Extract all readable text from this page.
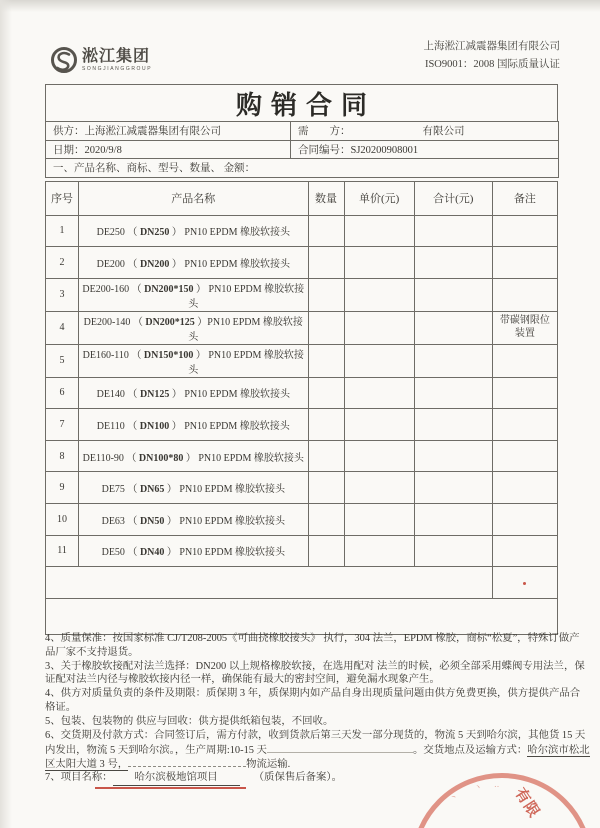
淞江集团
SONGJIANGGROUP
上海淞江减震器集团有限公司
ISO9001：2008 国际质量认证
购销合同
供方：上海淞江减震器集团有限公司	需　　方： 有限公司
日期：2020/9/8	合同编号：SJ20200908001
一、产品名称、商标、型号、数量、 金额：	
序号	产品名称	数量	单价(元)	合计(元)	备注
1	DE250 （ DN250 ） PN10 EPDM 橡胶软接头				
2	DE200 （ DN200 ） PN10 EPDM 橡胶软接头				
3	DE200-160 （ DN200*150 ） PN10 EPDM 橡胶软接头				
4	DE200-140 （ DN200*125 ）PN10 EPDM 橡胶软接头				带碳钢限位装置
5	DE160-110 （ DN150*100 ） PN10 EPDM 橡胶软接头				
6	DE140 （ DN125 ） PN10 EPDM 橡胶软接头				
7	DE110 （ DN100 ） PN10 EPDM 橡胶软接头				
8	DE110-90 （ DN100*80 ） PN10 EPDM 橡胶软接头				
9	DE75 （ DN65 ） PN10 EPDM 橡胶软接头				
10	DE63 （ DN50 ） PN10 EPDM 橡胶软接头				
11	DE50 （ DN40 ） PN10 EPDM 橡胶软接头				

4、质量保准：按国家标准 CJ/T208-2005《可曲挠橡胶接头》 执行，304 法兰，EPDM 橡胶，商标“松夏”，特殊订做产
品厂家不支持退货。
3、关于橡胶软接配对法兰选择：DN200 以上规格橡胶软接，在选用配对 法兰的时候，必须全部采用蝶阀专用法兰，保
证配对法兰内径与橡胶软接内径一样，确保能有最大的密封空间，避免漏水现象产生。
4、供方对质量负责的条件及期限：质保期 3 年，质保期内如产品自身出现质量问题由供方免费更换，供方提供产品合
格证。
5、包装、包装物的 供应与回收：供方提供纸箱包装，不回收。
6、交货期及付款方式：合同签订后，需方付款，收到货款后第三天发一部分现货的，物流 5 天到哈尔滨，其他货 15 天
内发出，物流 5 天到哈尔滨。，生产周期:10-15 天	。交货地点及运输方式：哈尔滨市松北
区太阳大道 3 号，	物流运输.
7、项目名称： 哈尔滨极地馆项目	（质保售后备案）。
有限
丶 ‥
丶
